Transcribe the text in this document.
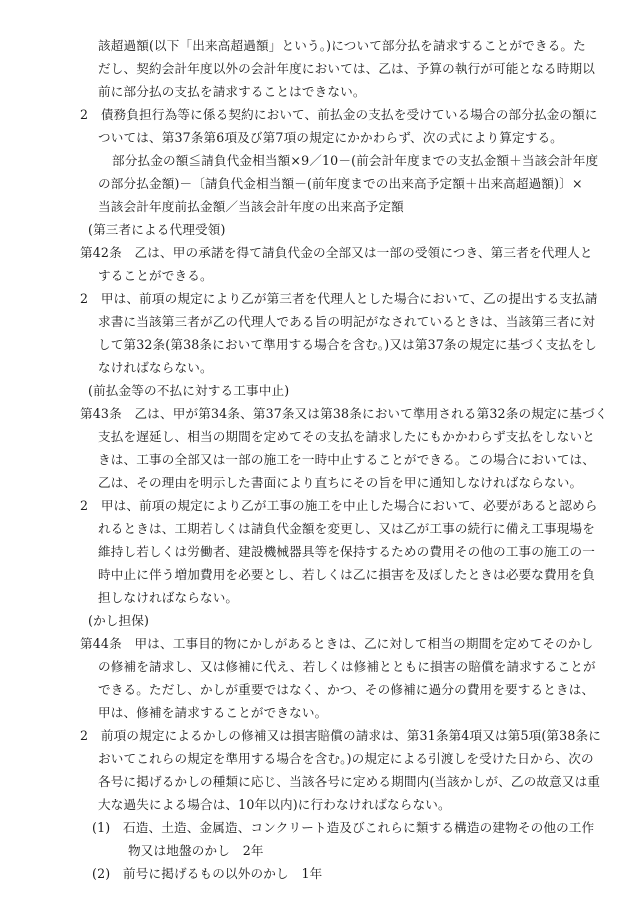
該超過額(以下「出来高超過額」という。)について部分払を請求することができる。た
だし、契約会計年度以外の会計年度においては、乙は、予算の執行が可能となる時期以
前に部分払の支払を請求することはできない。
2　債務負担行為等に係る契約において、前払金の支払を受けている場合の部分払金の額に
ついては、第37条第6項及び第7項の規定にかかわらず、次の式により算定する。
部分払金の額≦請負代金相当額×9／10－(前会計年度までの支払金額＋当該会計年度
の部分払金額)－〔請負代金相当額－(前年度までの出来高予定額＋出来高超過額)〕×
当該会計年度前払金額／当該会計年度の出来高予定額
(第三者による代理受領)
第42条　乙は、甲の承諾を得て請負代金の全部又は一部の受領につき、第三者を代理人と
することができる。
2　甲は、前項の規定により乙が第三者を代理人とした場合において、乙の提出する支払請
求書に当該第三者が乙の代理人である旨の明記がなされているときは、当該第三者に対
して第32条(第38条において準用する場合を含む。)又は第37条の規定に基づく支払をし
なければならない。
(前払金等の不払に対する工事中止)
第43条　乙は、甲が第34条、第37条又は第38条において準用される第32条の規定に基づく
支払を遅延し、相当の期間を定めてその支払を請求したにもかかわらず支払をしないと
きは、工事の全部又は一部の施工を一時中止することができる。この場合においては、
乙は、その理由を明示した書面により直ちにその旨を甲に通知しなければならない。
2　甲は、前項の規定により乙が工事の施工を中止した場合において、必要があると認めら
れるときは、工期若しくは請負代金額を変更し、又は乙が工事の続行に備え工事現場を
維持し若しくは労働者、建設機械器具等を保持するための費用その他の工事の施工の一
時中止に伴う増加費用を必要とし、若しくは乙に損害を及ぼしたときは必要な費用を負
担しなければならない。
(かし担保)
第44条　甲は、工事目的物にかしがあるときは、乙に対して相当の期間を定めてそのかし
の修補を請求し、又は修補に代え、若しくは修補とともに損害の賠償を請求することが
できる。ただし、かしが重要ではなく、かつ、その修補に過分の費用を要するときは、
甲は、修補を請求することができない。
2　前項の規定によるかしの修補又は損害賠償の請求は、第31条第4項又は第5項(第38条に
おいてこれらの規定を準用する場合を含む。)の規定による引渡しを受けた日から、次の
各号に掲げるかしの種類に応じ、当該各号に定める期間内(当該かしが、乙の故意又は重
大な過失による場合は、10年以内)に行わなければならない。
(1)　石造、土造、金属造、コンクリート造及びこれらに類する構造の建物その他の工作
物又は地盤のかし　2年
(2)　前号に掲げるもの以外のかし　1年
